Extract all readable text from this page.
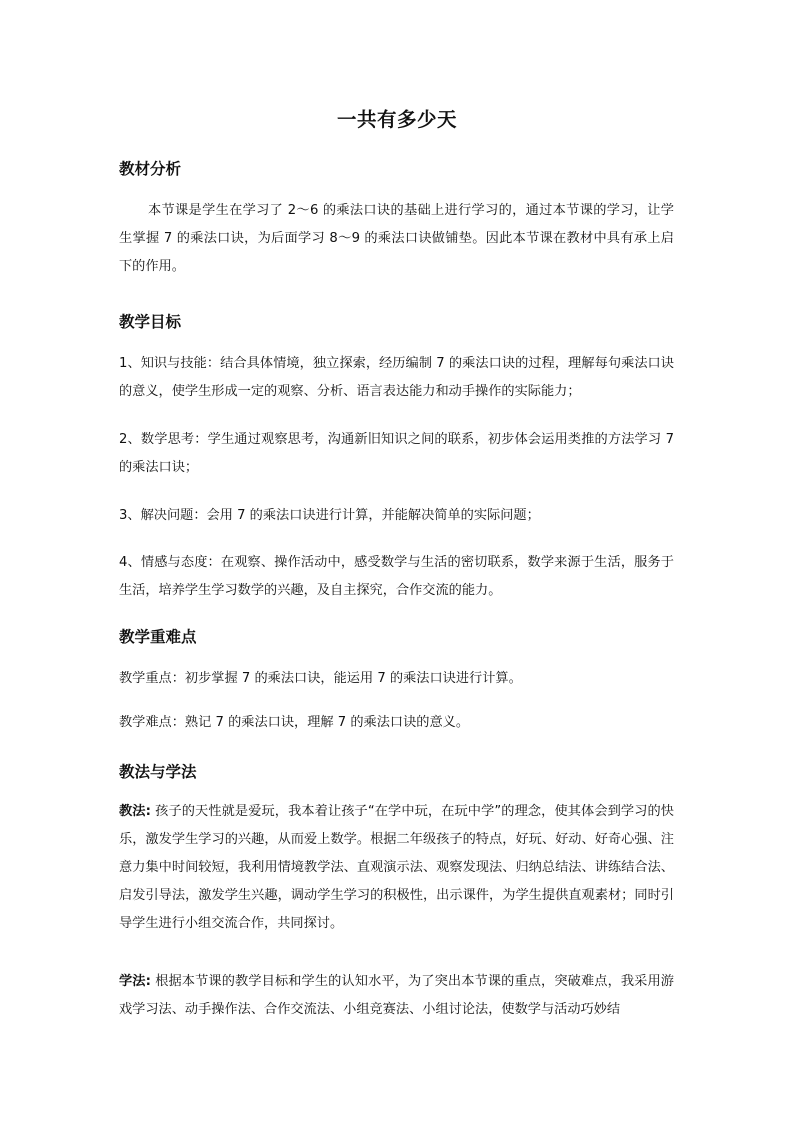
一共有多少天
教材分析

本节课是学生在学习了 2～6 的乘法口诀的基础上进行学习的，通过本节课的学习，让学生掌握 7 的乘法口诀，为后面学习 8～9 的乘法口诀做铺垫。因此本节课在教材中具有承上启下的作用。

教学目标

1、知识与技能：结合具体情境，独立探索，经历编制 7 的乘法口诀的过程，理解每句乘法口诀的意义，使学生形成一定的观察、分析、语言表达能力和动手操作的实际能力；

2、数学思考：学生通过观察思考，沟通新旧知识之间的联系，初步体会运用类推的方法学习 7 的乘法口诀；

3、解决问题：会用 7 的乘法口诀进行计算，并能解决简单的实际问题；

4、情感与态度：在观察、操作活动中，感受数学与生活的密切联系，数学来源于生活，服务于生活，培养学生学习数学的兴趣，及自主探究，合作交流的能力。

教学重难点

教学重点：初步掌握 7 的乘法口诀，能运用 7 的乘法口诀进行计算。

教学难点：熟记 7 的乘法口诀，理解 7 的乘法口诀的意义。

教法与学法

教法: 孩子的天性就是爱玩，我本着让孩子“在学中玩，在玩中学”的理念，使其体会到学习的快乐，激发学生学习的兴趣，从而爱上数学。根据二年级孩子的特点，好玩、好动、好奇心强、注意力集中时间较短，我利用情境教学法、直观演示法、观察发现法、归纳总结法、讲练结合法、启发引导法，激发学生兴趣，调动学生学习的积极性，出示课件，为学生提供直观素材；同时引导学生进行小组交流合作，共同探讨。

学法: 根据本节课的教学目标和学生的认知水平，为了突出本节课的重点，突破难点，我采用游戏学习法、动手操作法、合作交流法、小组竞赛法、小组讨论法，使数学与活动巧妙结
